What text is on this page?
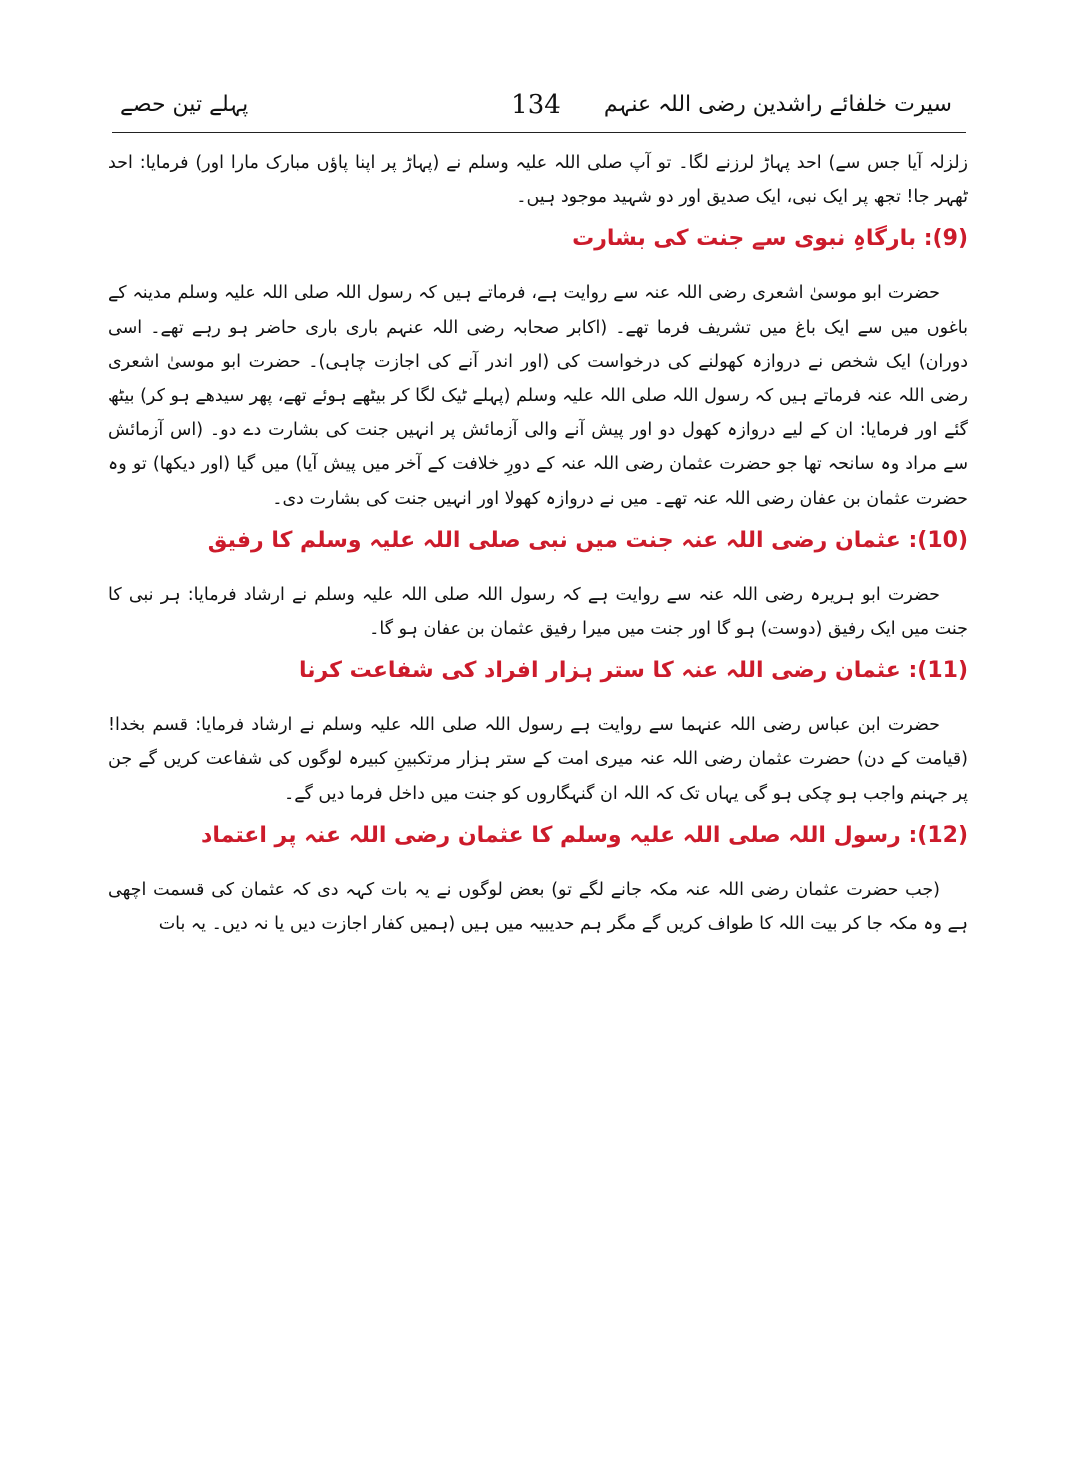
پہلے تین حصے	134 سیرت خلفائے راشدین رضی اللہ عنہم

زلزلہ آیا جس سے) احد پہاڑ لرزنے لگا۔ تو آپ صلی اللہ علیہ وسلم نے (پہاڑ پر اپنا پاؤں مبارک مارا اور) فرمایا: احد ٹھہر جا! تجھ پر ایک نبی، ایک صدیق اور دو شہید موجود ہیں۔

(9): بارگاہِ نبوی سے جنت کی بشارت

حضرت ابو موسیٰ اشعری رضی اللہ عنہ سے روایت ہے، فرماتے ہیں کہ رسول اللہ صلی اللہ علیہ وسلم مدینہ کے باغوں میں سے ایک باغ میں تشریف فرما تھے۔ (اکابر صحابہ رضی اللہ عنہم باری باری حاضر ہو رہے تھے۔ اسی دوران) ایک شخص نے دروازہ کھولنے کی درخواست کی (اور اندر آنے کی اجازت چاہی)۔ حضرت ابو موسیٰ اشعری رضی اللہ عنہ فرماتے ہیں کہ رسول اللہ صلی اللہ علیہ وسلم (پہلے ٹیک لگا کر بیٹھے ہوئے تھے، پھر سیدھے ہو کر) بیٹھ گئے اور فرمایا: ان کے لیے دروازہ کھول دو اور پیش آنے والی آزمائش پر انہیں جنت کی بشارت دے دو۔ (اس آزمائش سے مراد وہ سانحہ تھا جو حضرت عثمان رضی اللہ عنہ کے دورِ خلافت کے آخر میں پیش آیا) میں گیا (اور دیکھا) تو وہ حضرت عثمان بن عفان رضی اللہ عنہ تھے۔ میں نے دروازہ کھولا اور انہیں جنت کی بشارت دی۔

(10): عثمان رضی اللہ عنہ جنت میں نبی صلی اللہ علیہ وسلم کا رفیق

حضرت ابو ہریرہ رضی اللہ عنہ سے روایت ہے کہ رسول اللہ صلی اللہ علیہ وسلم نے ارشاد فرمایا: ہر نبی کا جنت میں ایک رفیق (دوست) ہو گا اور جنت میں میرا رفیق عثمان بن عفان ہو گا۔

(11): عثمان رضی اللہ عنہ کا ستر ہزار افراد کی شفاعت کرنا

حضرت ابن عباس رضی اللہ عنہما سے روایت ہے رسول اللہ صلی اللہ علیہ وسلم نے ارشاد فرمایا: قسم بخدا! (قیامت کے دن) حضرت عثمان رضی اللہ عنہ میری امت کے ستر ہزار مرتکبینِ کبیرہ لوگوں کی شفاعت کریں گے جن پر جہنم واجب ہو چکی ہو گی یہاں تک کہ اللہ ان گنہگاروں کو جنت میں داخل فرما دیں گے۔

(12): رسول اللہ صلی اللہ علیہ وسلم کا عثمان رضی اللہ عنہ پر اعتماد

(جب حضرت عثمان رضی اللہ عنہ مکہ جانے لگے تو) بعض لوگوں نے یہ بات کہہ دی کہ عثمان کی قسمت اچھی ہے وہ مکہ جا کر بیت اللہ کا طواف کریں گے مگر ہم حدیبیہ میں ہیں (ہمیں کفار اجازت دیں یا نہ دیں۔ یہ بات
